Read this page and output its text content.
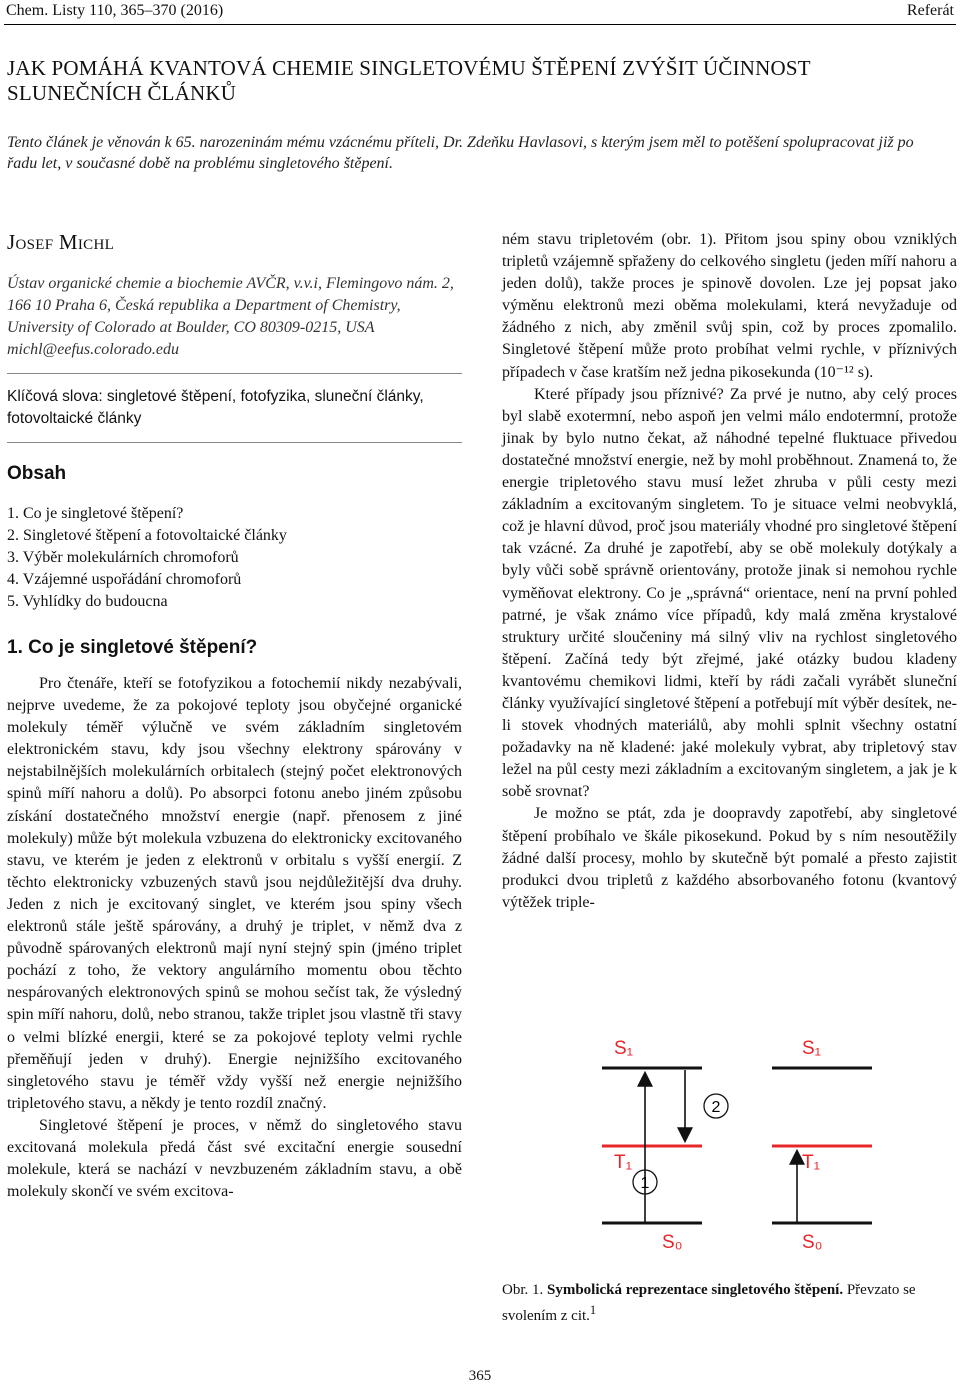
Chem. Listy 110, 365–370 (2016)	Referát
JAK POMÁHÁ KVANTOVÁ CHEMIE SINGLETOVÉMU ŠTĚPENÍ ZVÝŠIT ÚČINNOST SLUNEČNÍCH ČLÁNKŮ
Tento článek je věnován k 65. narozeninám mému vzácnému příteli, Dr. Zdeňku Havlasovi, s kterým jsem měl to potěšení spolupracovat již po řadu let, v současné době na problému singletového štěpení.
Josef Michl
Ústav organické chemie a biochemie AVČR, v.v.i, Flemingovo nám. 2, 166 10 Praha 6, Česká republika a Department of Chemistry, University of Colorado at Boulder, CO 80309-0215, USA michl@eefus.colorado.edu
Klíčová slova: singletové štěpení, fotofyzika, sluneční články, fotovoltaické články
Obsah
1. Co je singletové štěpení?
2. Singletové štěpení a fotovoltaické články
3. Výběr molekulárních chromoforů
4. Vzájemné uspořádání chromoforů
5. Vyhlídky do budoucna
1. Co je singletové štěpení?

Pro čtenáře, kteří se fotofyzikou a fotochemií nikdy nezabývali, nejprve uvedeme, že za pokojové teploty jsou obyčejné organické molekuly téměř výlučně ve svém základním singletovém elektronickém stavu, kdy jsou všechny elektrony spárovány v nejstabilnějších molekulárních orbitalech (stejný počet elektronových spinů míří nahoru a dolů). Po absorpci fotonu anebo jiném způsobu získání dostatečného množství energie (např. přenosem z jiné molekuly) může být molekula vzbuzena do elektronicky excitovaného stavu, ve kterém je jeden z elektronů v orbitalu s vyšší energií. Z těchto elektronicky vzbuzených stavů jsou nejdůležitější dva druhy. Jeden z nich je excitovaný singlet, ve kterém jsou spiny všech elektronů stále ještě spárovány, a druhý je triplet, v němž dva z původně spárovaných elektronů mají nyní stejný spin (jméno triplet pochází z toho, že vektory angulárního momentu obou těchto nespárovaných elektronových spinů se mohou sečíst tak, že výsledný spin míří nahoru, dolů, nebo stranou, takže triplet jsou vlastně tři stavy o velmi blízké energii, které se za pokojové teploty velmi rychle přeměňují jeden v druhý). Energie nejnižšího excitovaného singletového stavu je téměř vždy vyšší než energie nejnižšího tripletového stavu, a někdy je tento rozdíl značný.

Singletové štěpení je proces, v němž do singletového stavu excitovaná molekula předá část své excitační energie sousední molekule, která se nachází v nevzbuzeném základním stavu, a obě molekuly skončí ve svém excitova-

ném stavu tripletovém (obr. 1). Přitom jsou spiny obou vzniklých tripletů vzájemně spřaženy do celkového singletu (jeden míří nahoru a jeden dolů), takže proces je spinově dovolen. Lze jej popsat jako výměnu elektronů mezi oběma molekulami, která nevyžaduje od žádného z nich, aby změnil svůj spin, což by proces zpomalilo. Singletové štěpení může proto probíhat velmi rychle, v příznivých případech v čase kratším než jedna pikosekunda (10⁻¹² s).

Které případy jsou příznivé? Za prvé je nutno, aby celý proces byl slabě exotermní, nebo aspoň jen velmi málo endotermní, protože jinak by bylo nutno čekat, až náhodné tepelné fluktuace přivedou dostatečné množství energie, než by mohl proběhnout. Znamená to, že energie tripletového stavu musí ležet zhruba v půli cesty mezi základním a excitovaným singletem. To je situace velmi neobvyklá, což je hlavní důvod, proč jsou materiály vhodné pro singletové štěpení tak vzácné. Za druhé je zapotřebí, aby se obě molekuly dotýkaly a byly vůči sobě správně orientovány, protože jinak si nemohou rychle vyměňovat elektrony. Co je „správná“ orientace, není na první pohled patrné, je však známo více případů, kdy malá změna krystalové struktury určité sloučeniny má silný vliv na rychlost singletového štěpení. Začíná tedy být zřejmé, jaké otázky budou kladeny kvantovému chemikovi lidmi, kteří by rádi začali vyrábět sluneční články využívající singletové štěpení a potřebují mít výběr desítek, ne-li stovek vhodných materiálů, aby mohli splnit všechny ostatní požadavky na ně kladené: jaké molekuly vybrat, aby tripletový stav ležel na půl cesty mezi základním a excitovaným singletem, a jak je k sobě srovnat?

Je možno se ptát, zda je doopravdy zapotřebí, aby singletové štěpení probíhalo ve škále pikosekund. Pokud by s ním nesoutěžily žádné další procesy, mohlo by skutečně být pomalé a přesto zajistit produkci dvou tripletů z každého absorbovaného fotonu (kvantový výtěžek triple-

S₁	S₁
T₁	T₁
S₀	S₀
2
1
Obr. 1. Symbolická reprezentace singletového štěpení. Převzato se svolením z cit.$^1$
365
